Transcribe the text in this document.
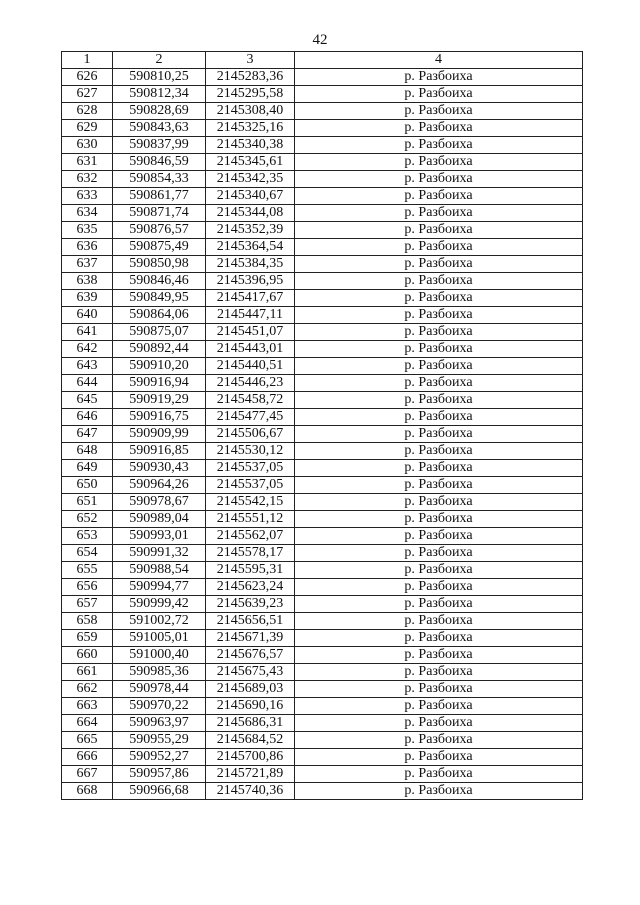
42
1	2	3	4
626	590810,25	2145283,36	р. Разбоиха
627	590812,34	2145295,58	р. Разбоиха
628	590828,69	2145308,40	р. Разбоиха
629	590843,63	2145325,16	р. Разбоиха
630	590837,99	2145340,38	р. Разбоиха
631	590846,59	2145345,61	р. Разбоиха
632	590854,33	2145342,35	р. Разбоиха
633	590861,77	2145340,67	р. Разбоиха
634	590871,74	2145344,08	р. Разбоиха
635	590876,57	2145352,39	р. Разбоиха
636	590875,49	2145364,54	р. Разбоиха
637	590850,98	2145384,35	р. Разбоиха
638	590846,46	2145396,95	р. Разбоиха
639	590849,95	2145417,67	р. Разбоиха
640	590864,06	2145447,11	р. Разбоиха
641	590875,07	2145451,07	р. Разбоиха
642	590892,44	2145443,01	р. Разбоиха
643	590910,20	2145440,51	р. Разбоиха
644	590916,94	2145446,23	р. Разбоиха
645	590919,29	2145458,72	р. Разбоиха
646	590916,75	2145477,45	р. Разбоиха
647	590909,99	2145506,67	р. Разбоиха
648	590916,85	2145530,12	р. Разбоиха
649	590930,43	2145537,05	р. Разбоиха
650	590964,26	2145537,05	р. Разбоиха
651	590978,67	2145542,15	р. Разбоиха
652	590989,04	2145551,12	р. Разбоиха
653	590993,01	2145562,07	р. Разбоиха
654	590991,32	2145578,17	р. Разбоиха
655	590988,54	2145595,31	р. Разбоиха
656	590994,77	2145623,24	р. Разбоиха
657	590999,42	2145639,23	р. Разбоиха
658	591002,72	2145656,51	р. Разбоиха
659	591005,01	2145671,39	р. Разбоиха
660	591000,40	2145676,57	р. Разбоиха
661	590985,36	2145675,43	р. Разбоиха
662	590978,44	2145689,03	р. Разбоиха
663	590970,22	2145690,16	р. Разбоиха
664	590963,97	2145686,31	р. Разбоиха
665	590955,29	2145684,52	р. Разбоиха
666	590952,27	2145700,86	р. Разбоиха
667	590957,86	2145721,89	р. Разбоиха
668	590966,68	2145740,36	р. Разбоиха
